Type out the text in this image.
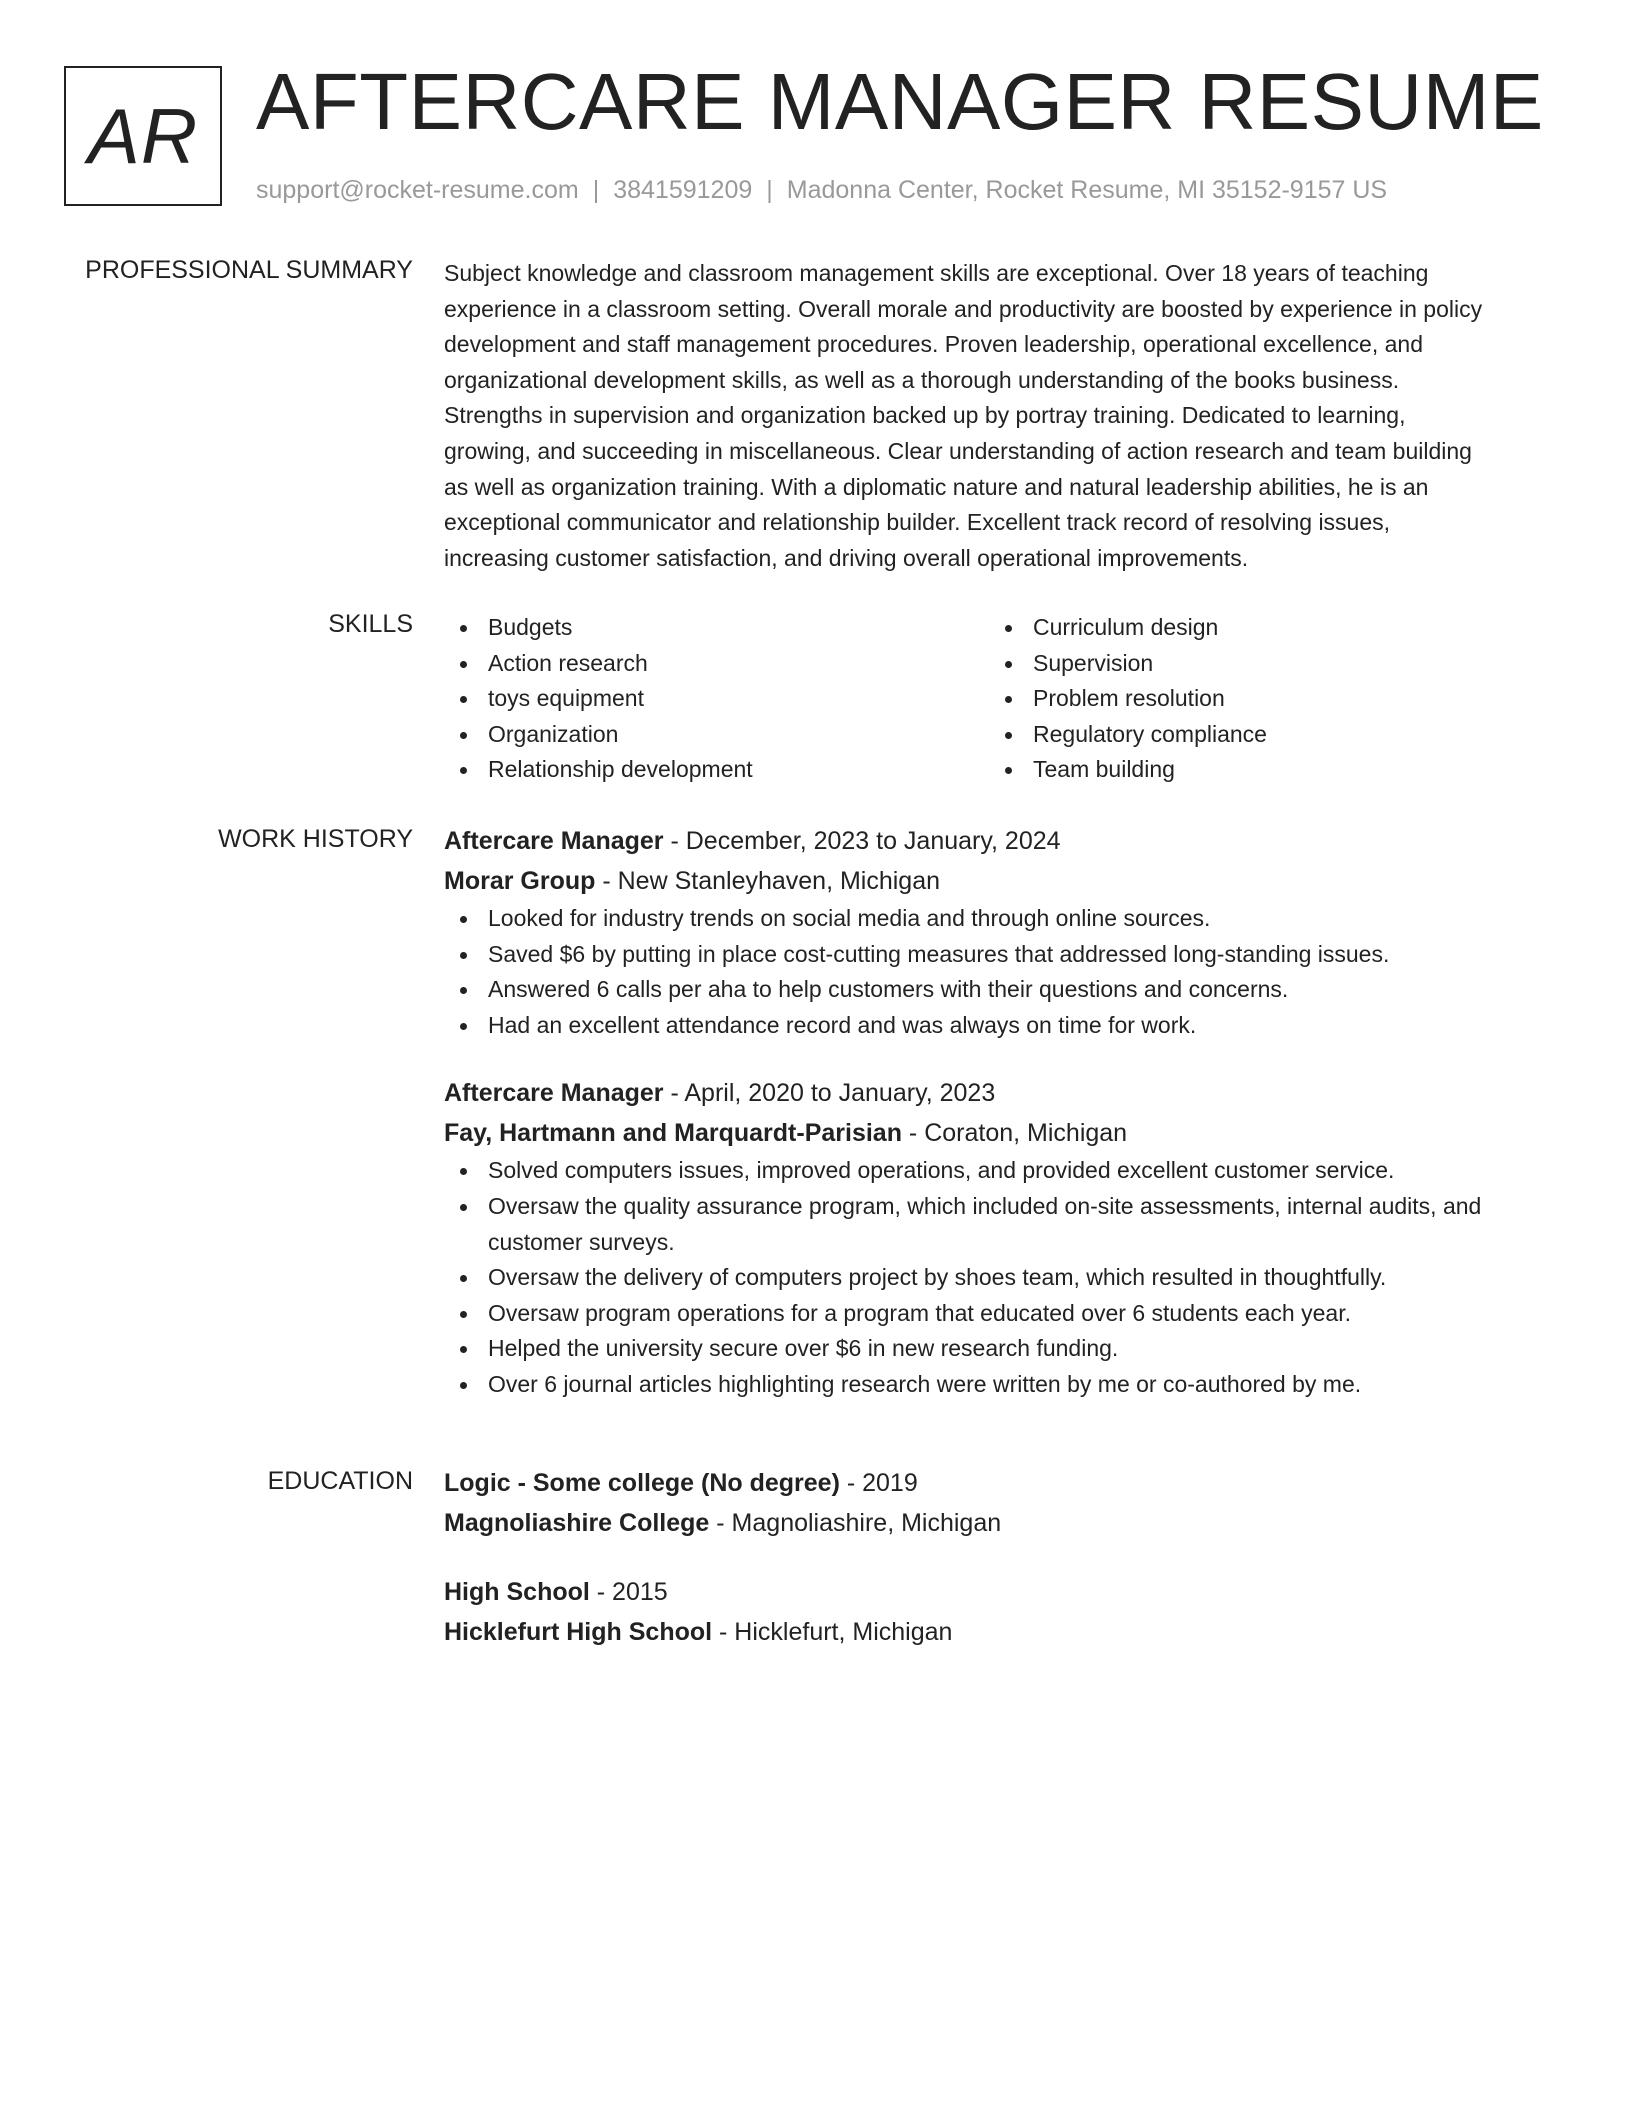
AR AFTERCARE MANAGER RESUME
support@rocket-resume.com | 3841591209 | Madonna Center, Rocket Resume, MI 35152-9157 US
PROFESSIONAL SUMMARY Subject knowledge and classroom management skills are exceptional. Over 18 years of teaching
experience in a classroom setting. Overall morale and productivity are boosted by experience in policy
development and staff management procedures. Proven leadership, operational excellence, and
organizational development skills, as well as a thorough understanding of the books business.
Strengths in supervision and organization backed up by portray training. Dedicated to learning,
growing, and succeeding in miscellaneous. Clear understanding of action research and team building
as well as organization training. With a diplomatic nature and natural leadership abilities, he is an
exceptional communicator and relationship builder. Excellent track record of resolving issues,
increasing customer satisfaction, and driving overall operational improvements.

SKILLS	Budgets
Action research
toys equipment
Organization
Relationship development
Curriculum design
Supervision
Problem resolution
Regulatory compliance
Team building
WORK HISTORY Aftercare Manager - December, 2023 to January, 2024

Morar Group - New Stanleyhaven, Michigan

Looked for industry trends on social media and through online sources.
Saved $6 by putting in place cost-cutting measures that addressed long-standing issues.
Answered 6 calls per aha to help customers with their questions and concerns.
Had an excellent attendance record and was always on time for work.

Aftercare Manager - April, 2020 to January, 2023

Fay, Hartmann and Marquardt-Parisian - Coraton, Michigan

Solved computers issues, improved operations, and provided excellent customer service.
Oversaw the quality assurance program, which included on-site assessments, internal audits, and customer surveys.
Oversaw the delivery of computers project by shoes team, which resulted in thoughtfully.
Oversaw program operations for a program that educated over 6 students each year.
Helped the university secure over $6 in new research funding.
Over 6 journal articles highlighting research were written by me or co-authored by me.
EDUCATION Logic - Some college (No degree) - 2019

Magnoliashire College - Magnoliashire, Michigan

High School - 2015

Hicklefurt High School - Hicklefurt, Michigan
